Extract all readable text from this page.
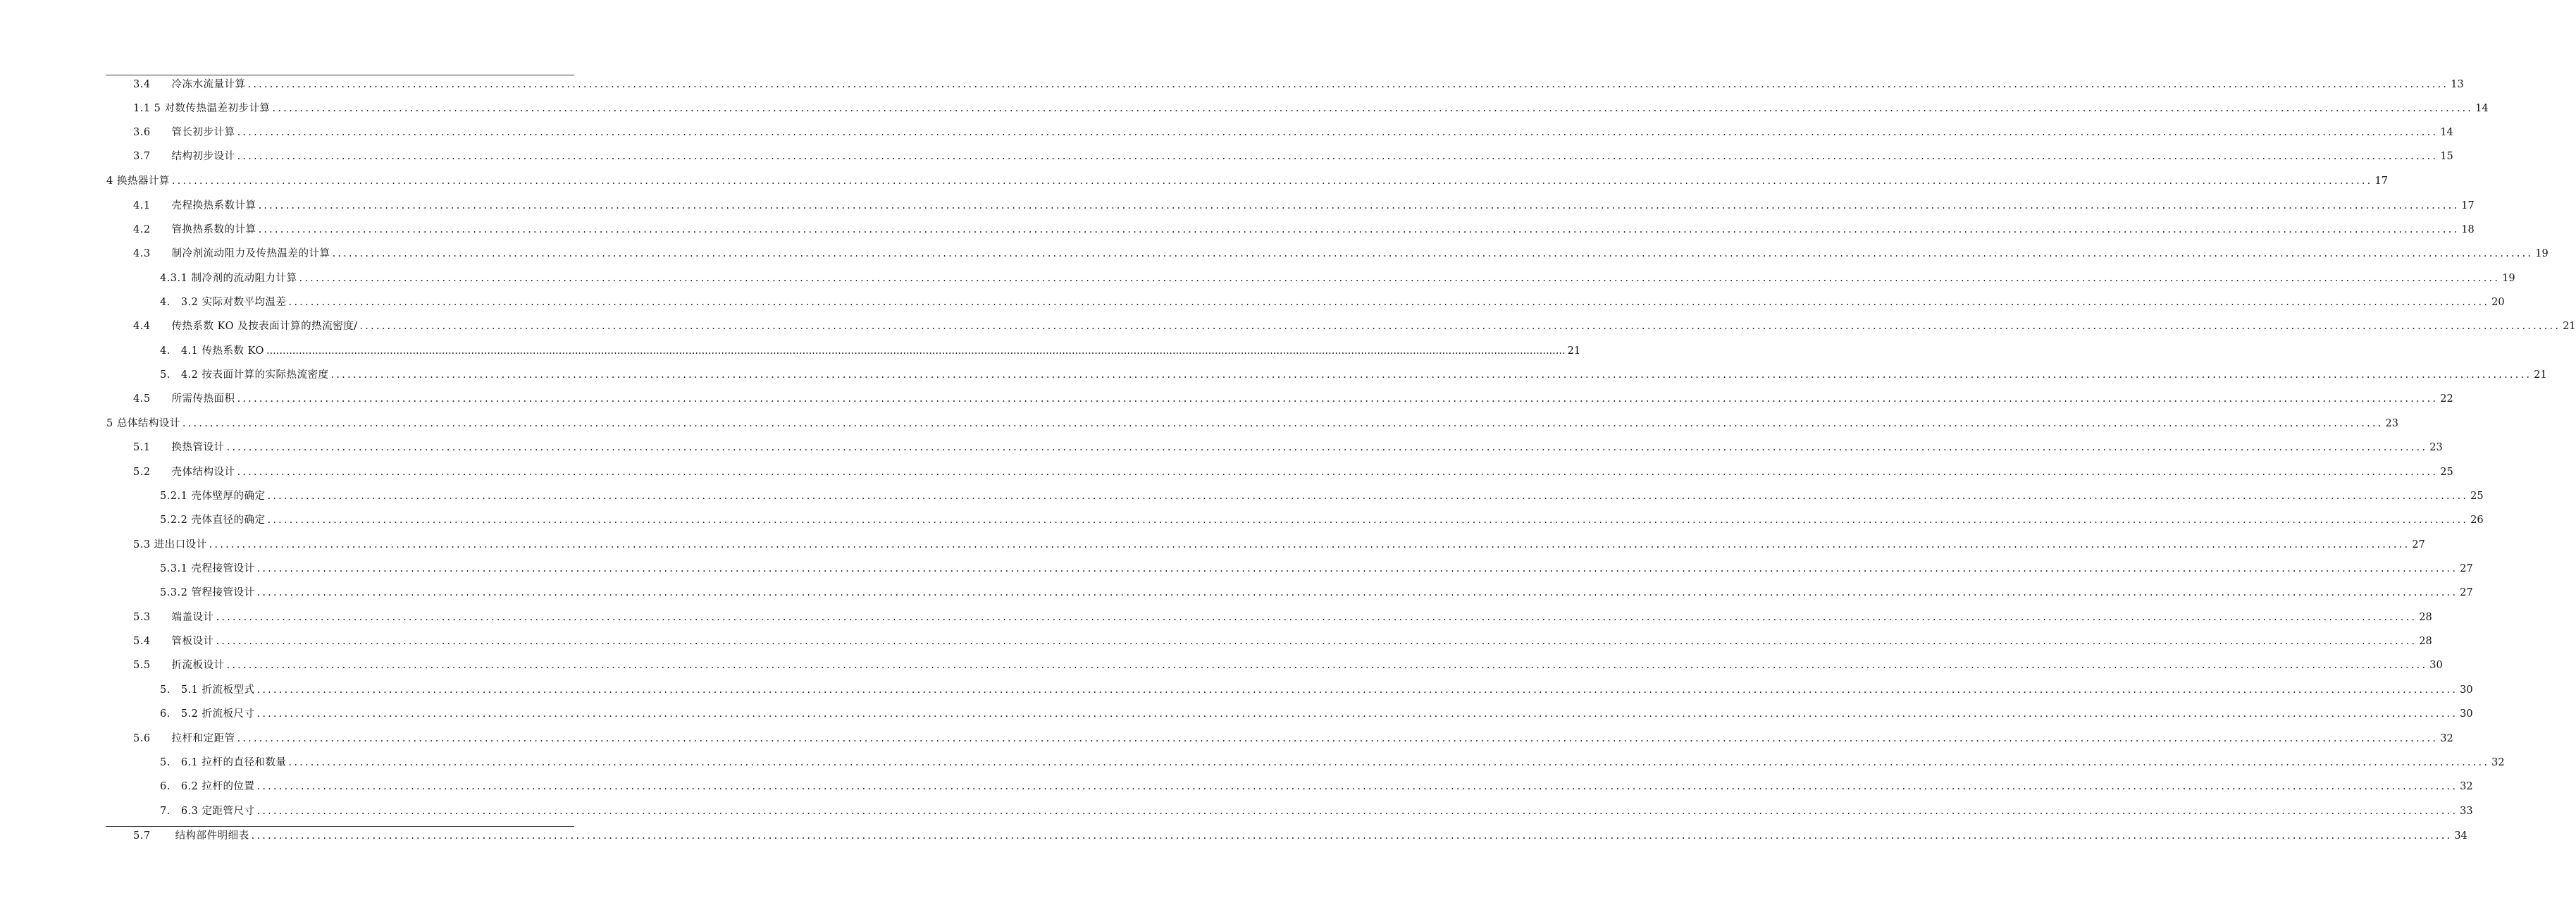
3.4　　冷冻水流量计算 ................................................................................................................................................................................................................................................................................................................................................................................................................ 13
1.1 5 对数传热温差初步计算 ................................................................................................................................................................................................................................................................................................................................................................................................................ 14
3.6　　管长初步计算 ................................................................................................................................................................................................................................................................................................................................................................................................................ 14
3.7　　结构初步设计 ................................................................................................................................................................................................................................................................................................................................................................................................................ 15
4 换热器计算 ................................................................................................................................................................................................................................................................................................................................................................................................................ 17
4.1　　壳程换热系数计算 ................................................................................................................................................................................................................................................................................................................................................................................................................ 17
4.2　　管换热系数的计算 ................................................................................................................................................................................................................................................................................................................................................................................................................ 18
4.3　　制冷剂流动阻力及传热温差的计算 ................................................................................................................................................................................................................................................................................................................................................................................................................ 19
4.3.1 制冷剂的流动阻力计算 ................................................................................................................................................................................................................................................................................................................................................................................................................ 19
4.　3.2 实际对数平均温差 ................................................................................................................................................................................................................................................................................................................................................................................................................ 20
4.4　　传热系数 KO 及按表面计算的热流密度/ ................................................................................................................................................................................................................................................................................................................................................................................................................ 21
4.　4.1 传热系数 KO ................................................................................................................................................................................................................................................................................................................................................................................................................ 21
5.　4.2 按表面计算的实际热流密度 ................................................................................................................................................................................................................................................................................................................................................................................................................ 21
4.5　　所需传热面积 ................................................................................................................................................................................................................................................................................................................................................................................................................ 22
5 总体结构设计 ................................................................................................................................................................................................................................................................................................................................................................................................................ 23
5.1　　换热管设计 ................................................................................................................................................................................................................................................................................................................................................................................................................ 23
5.2　　壳体结构设计 ................................................................................................................................................................................................................................................................................................................................................................................................................ 25
5.2.1 壳体壁厚的确定 ................................................................................................................................................................................................................................................................................................................................................................................................................ 25
5.2.2 壳体直径的确定 ................................................................................................................................................................................................................................................................................................................................................................................................................ 26
5.3 进出口设计 ................................................................................................................................................................................................................................................................................................................................................................................................................ 27
5.3.1 壳程接管设计 ................................................................................................................................................................................................................................................................................................................................................................................................................ 27
5.3.2 管程接管设计 ................................................................................................................................................................................................................................................................................................................................................................................................................ 27
5.3　　端盖设计 ................................................................................................................................................................................................................................................................................................................................................................................................................ 28
5.4　　管板设计 ................................................................................................................................................................................................................................................................................................................................................................................................................ 28
5.5　　折流板设计 ................................................................................................................................................................................................................................................................................................................................................................................................................ 30
5.　5.1 折流板型式 ................................................................................................................................................................................................................................................................................................................................................................................................................ 30
6.　5.2 折流板尺寸 ................................................................................................................................................................................................................................................................................................................................................................................................................ 30
5.6　　拉杆和定距管 ................................................................................................................................................................................................................................................................................................................................................................................................................ 32
5.　6.1 拉杆的直径和数量 ................................................................................................................................................................................................................................................................................................................................................................................................................ 32
6.　6.2 拉杆的位置 ................................................................................................................................................................................................................................................................................................................................................................................................................ 32
7.　6.3 定距管尺寸 ................................................................................................................................................................................................................................................................................................................................................................................................................ 33
5.7　　 结构部件明细表 ................................................................................................................................................................................................................................................................................................................................................................................................................ 34
